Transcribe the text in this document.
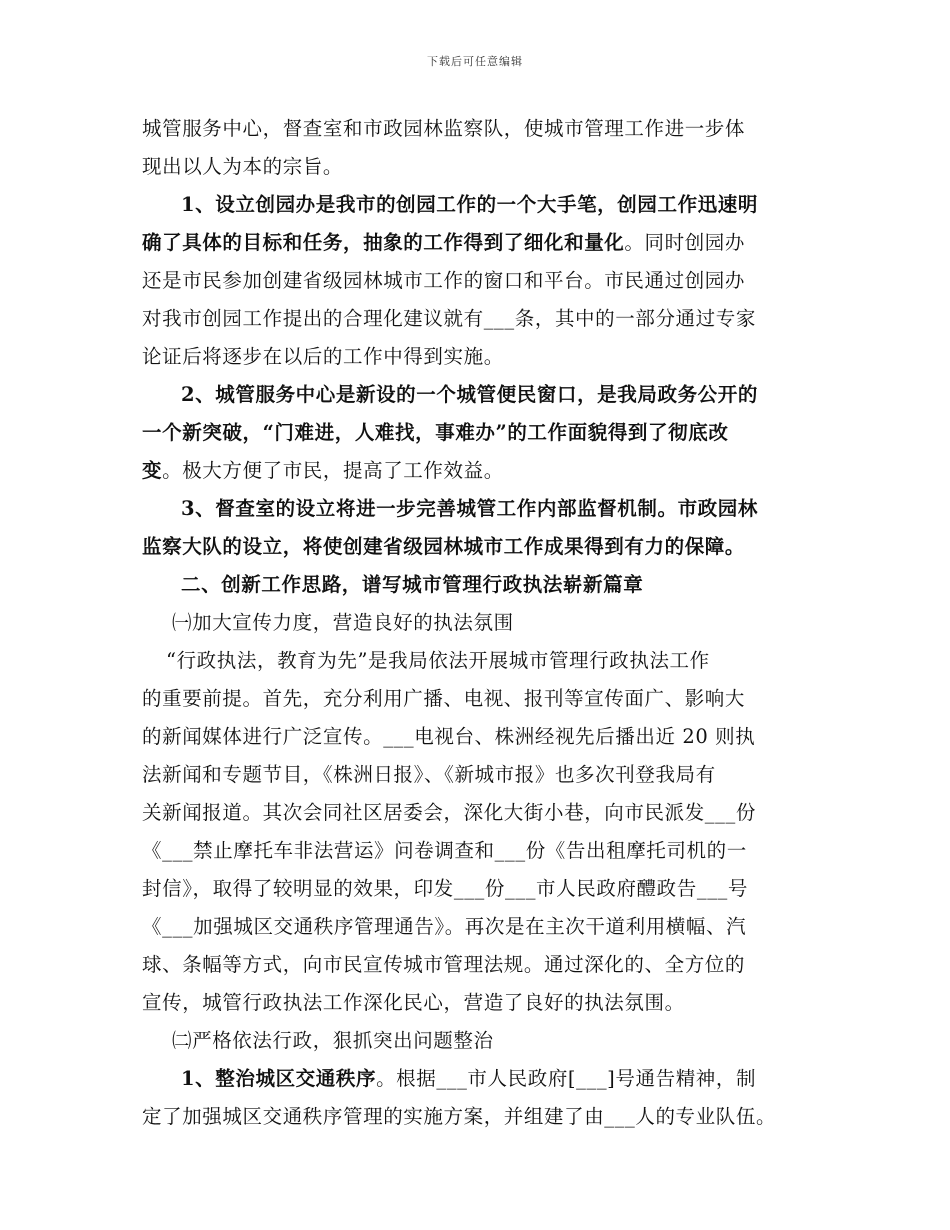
下载后可任意编辑
城管服务中心，督查室和市政园林监察队，使城市管理工作进一步体
现出以人为本的宗旨。
1、设立创园办是我市的创园工作的一个大手笔，创园工作迅速明
确了具体的目标和任务，抽象的工作得到了细化和量化。同时创园办
还是市民参加创建省级园林城市工作的窗口和平台。市民通过创园办
对我市创园工作提出的合理化建议就有___条，其中的一部分通过专家
论证后将逐步在以后的工作中得到实施。
2、城管服务中心是新设的一个城管便民窗口，是我局政务公开的
一个新突破，“门难进，人难找，事难办”的工作面貌得到了彻底改
变。极大方便了市民，提高了工作效益。
3、督查室的设立将进一步完善城管工作内部监督机制。市政园林
监察大队的设立，将使创建省级园林城市工作成果得到有力的保障。
二、创新工作思路，谱写城市管理行政执法崭新篇章
㈠加大宣传力度，营造良好的执法氛围
“行政执法，教育为先”是我局依法开展城市管理行政执法工作
的重要前提。首先，充分利用广播、电视、报刊等宣传面广、影响大
的新闻媒体进行广泛宣传。___电视台、株洲经视先后播出近 20 则执
法新闻和专题节目，《株洲日报》、《新城市报》也多次刊登我局有
关新闻报道。其次会同社区居委会，深化大街小巷，向市民派发___份
《___禁止摩托车非法营运》问卷调查和___份《告出租摩托司机的一
封信》，取得了较明显的效果，印发___份___市人民政府醴政告___号
《___加强城区交通秩序管理通告》。再次是在主次干道利用横幅、汽
球、条幅等方式，向市民宣传城市管理法规。通过深化的、全方位的
宣传，城管行政执法工作深化民心，营造了良好的执法氛围。
㈡严格依法行政，狠抓突出问题整治
1、整治城区交通秩序。根据___市人民政府[___]号通告精神，制
定了加强城区交通秩序管理的实施方案，并组建了由___人的专业队伍。
